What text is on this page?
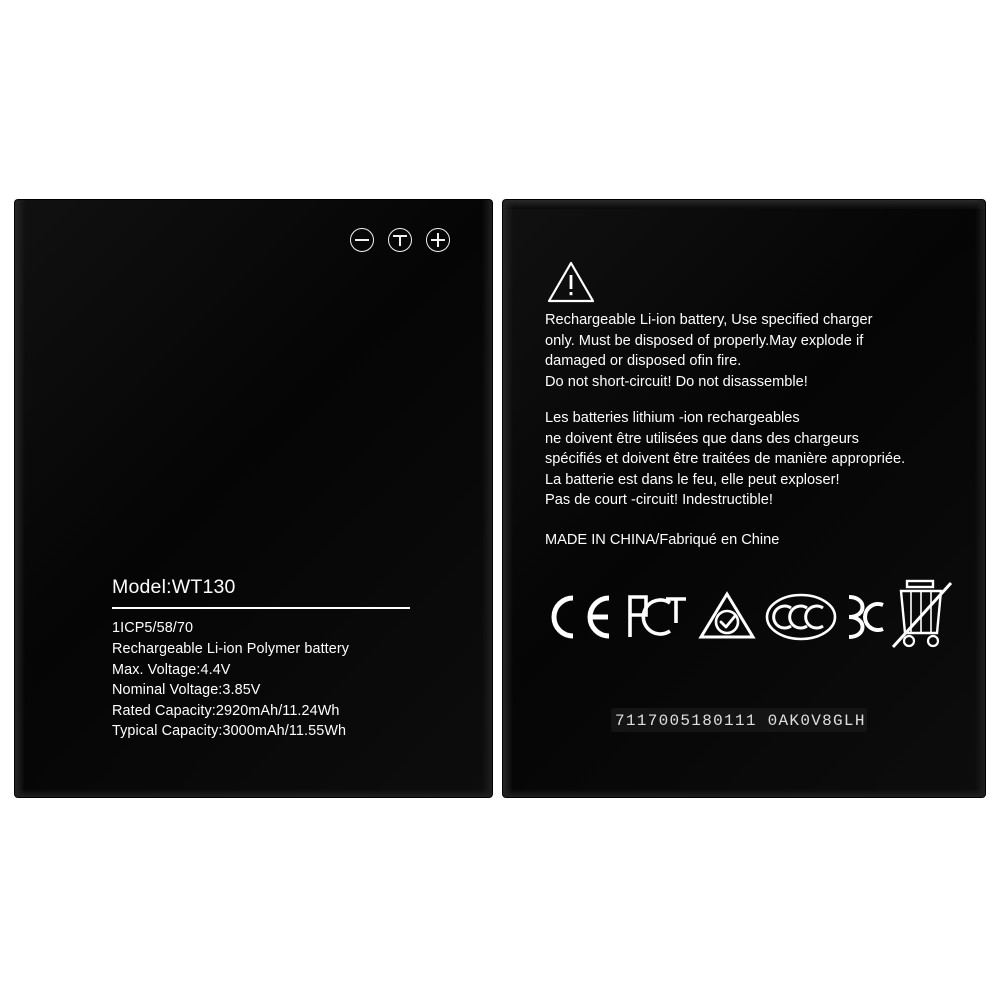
Model:WT130
1ICP5/58/70
Rechargeable Li-ion Polymer battery
Max. Voltage:4.4V
Nominal Voltage:3.85V
Rated Capacity:2920mAh/11.24Wh
Typical Capacity:3000mAh/11.55Wh
Rechargeable Li-ion battery, Use specified charger
only. Must be disposed of properly.May explode if
damaged or disposed ofin fire.
Do not short-circuit! Do not disassemble!
Les batteries lithium -ion rechargeables
ne doivent être utilisées que dans des chargeurs
spécifiés et doivent être traitées de manière appropriée.
La batterie est dans le feu, elle peut exploser!
Pas de court -circuit! Indestructible!
MADE IN CHINA/Fabriqué en Chine
7117005180111 0AK0V8GLH
